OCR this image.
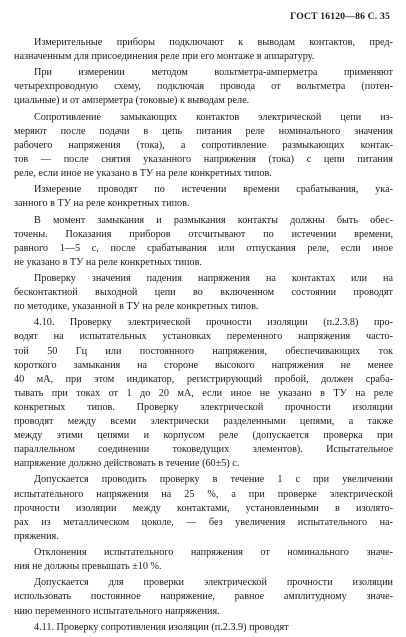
ГОСТ 16120—86 С. 35
Измерительные приборы подключают к выводам контактов, пред-
назначенным для присоединения реле при его монтаже в аппаратуру.
При измерении методом вольтметра-амперметра применяют
четырехпроводную схему, подключая провода от вольтметра (потен-
циальные) и от амперметра (токовые) к выводам реле.
Сопротивление замыкающих контактов электрической цепи из-
меряют после подачи в цепь питания реле номинального значения
рабочего напряжения (тока), а сопротивление размыкающих контак-
тов — после снятия указанного напряжения (тока) с цепи питания
реле, если иное не указано в ТУ на реле конкретных типов.
Измерение проводят по истечении времени срабатывания, ука-
занного в ТУ на реле конкретных типов.
В момент замыкания и размыкания контакты должны быть обес-
точены. Показания приборов отсчитывают по истечении времени,
равного 1—5 с, после срабатывания или отпускания реле, если иное
не указано в ТУ на реле конкретных типов.
Проверку значения падения напряжения на контактах или на
бесконтактной выходной цепи во включенном состоянии проводят
по методике, указанной в ТУ на реле конкретных типов.
4.10. Проверку электрической прочности изоляции (п.2.3.8) про-
водят на испытательных установках переменного напряжения часто-
той 50 Гц или постоянного напряжения, обеспечивающих ток
короткого замыкания на стороне высокого напряжения не менее
40 мА, при этом индикатор, регистрирующий пробой, должен сраба-
тывать при токах от 1 до 20 мА, если иное не указано в ТУ на реле
конкретных типов. Проверку электрической прочности изоляции
проводят между всеми электрически разделенными цепями, а также
между этими цепями и корпусом реле (допускается проверка при
параллельном соединении токоведущих элементов). Испытательное
напряжение должно действовать в течение (60±5) с.
Допускается проводить проверку в течение 1 с при увеличении
испытательного напряжения на 25 %, а при проверке электрической
прочности изоляции между контактами, установленными в изолято-
рах из металлическом цоколе, — без увеличения испытательного на-
пряжения.
Отклонения испытательного напряжения от номинального значе-
ния не должны превышать ±10 %.
Допускается для проверки электрической прочности изоляции
использовать постоянное напряжение, равное амплитудному значе-
нию переменного испытательного напряжения.
4.11. Проверку сопротивления изоляции (п.2.3.9) проводят
